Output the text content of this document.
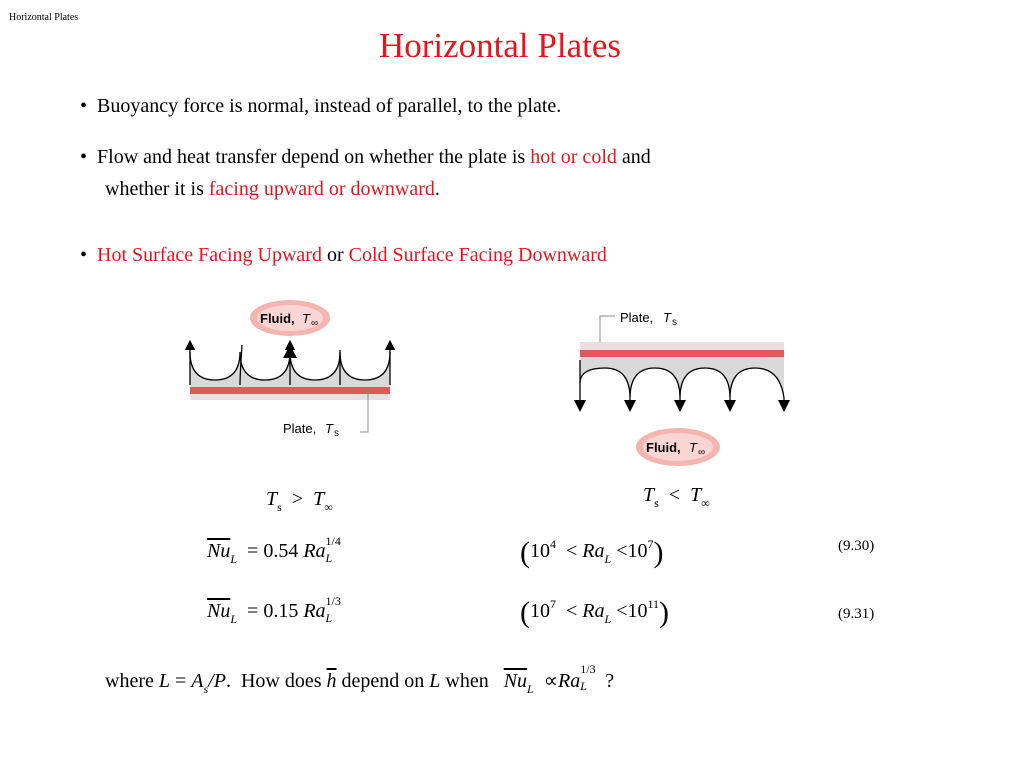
Horizontal Plates
Horizontal Plates
• Buoyancy force is normal, instead of parallel, to the plate.
• Flow and heat transfer depend on whether the plate is hot or cold and
whether it is facing upward or downward.
• Hot Surface Facing Upward or Cold Surface Facing Downward
Fluid, T ∞
Plate, T s
Plate, T s
Fluid, T ∞
$T_s > T_\infty$
$T_s < T_\infty$
$\overline{Nu}_L = 0.54$ Ra 1/4
L	$(10^4 < Ra_L <10^7)$	(9.30)
$\overline{Nu}_L = 0.15$ Ra 1/3
L	$(10^7 < Ra_L <10^{11})$	(9.31)
where $L = A_s/P$. How does $\overline{h}$ depend on L when   $\overline{Nu}_L \propto Ra$
1/3
L ?
